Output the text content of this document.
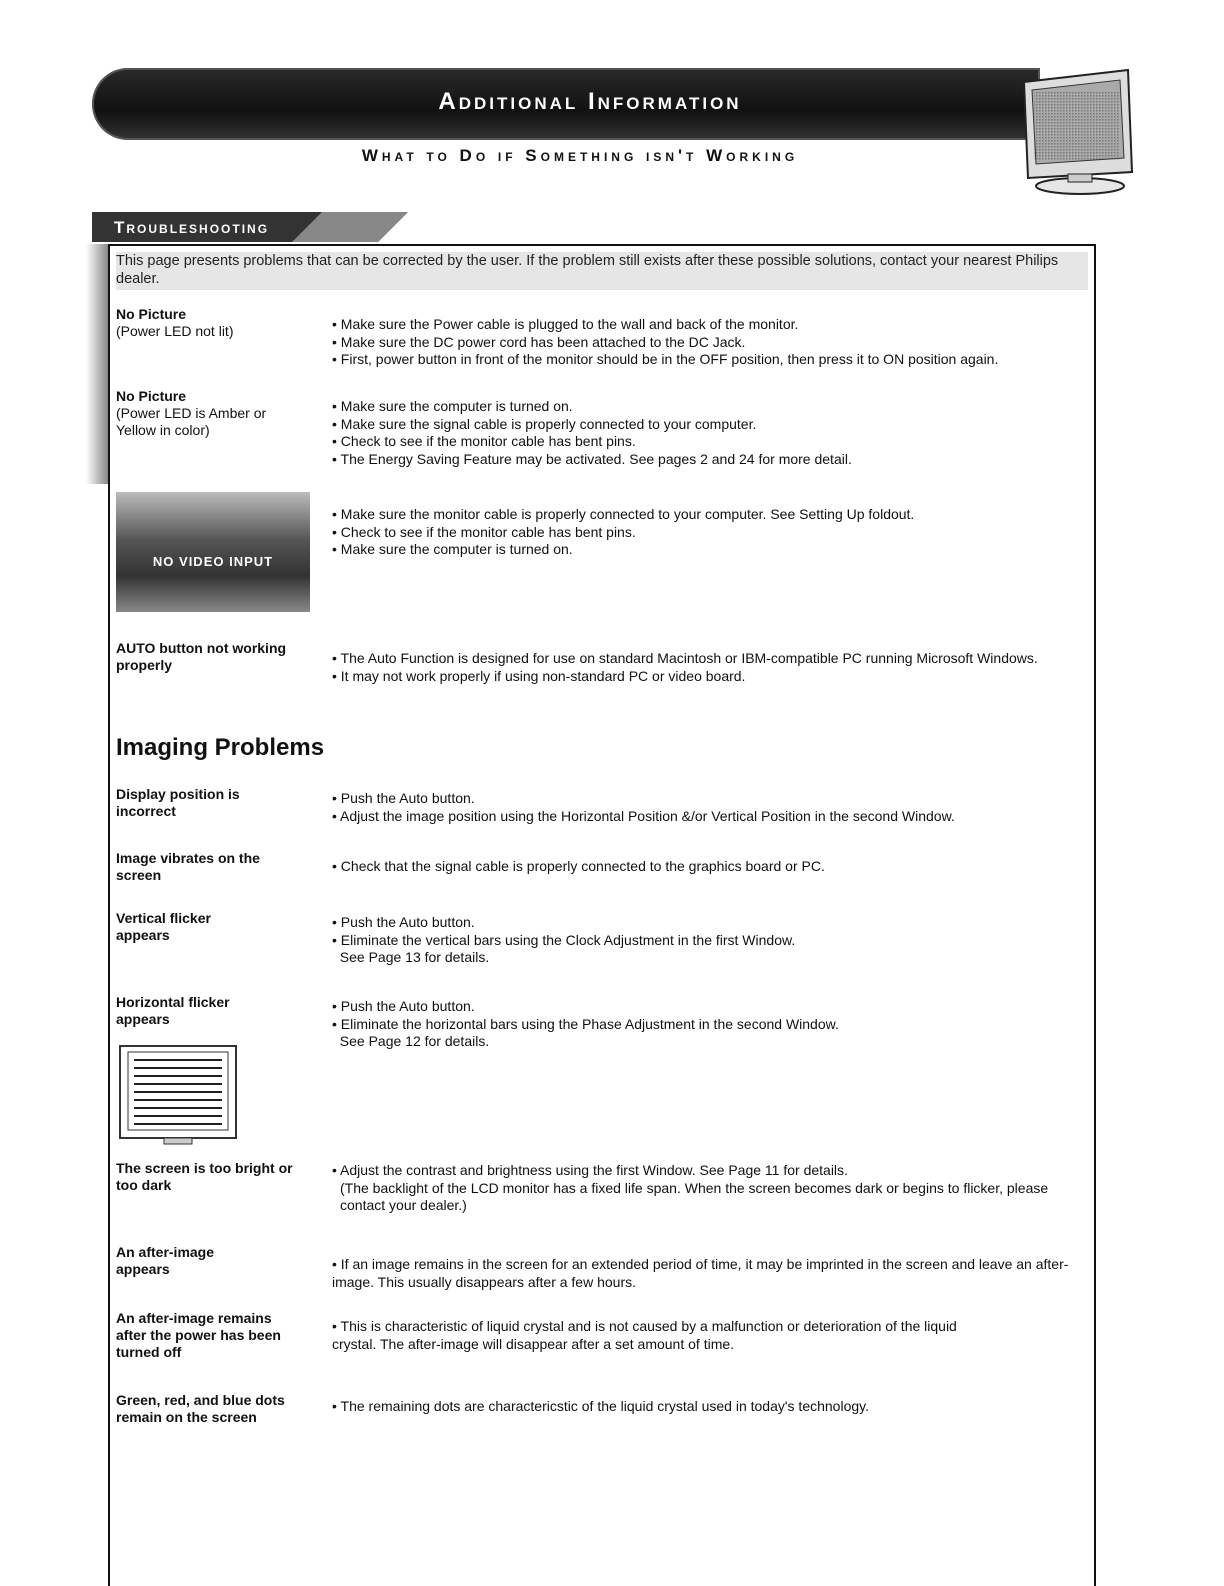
Additional Information
What to Do if Something isn't Working
Troubleshooting
This page presents problems that can be corrected by the user. If the problem still exists after these possible solutions, contact your nearest Philips dealer.
No Picture
(Power LED not lit)	• Make sure the Power cable is plugged to the wall and back of the monitor.
• Make sure the DC power cord has been attached to the DC Jack.
• First, power button in front of the monitor should be in the OFF position, then press it to ON position again.
No Picture
(Power LED is Amber or Yellow in color)
• Make sure the computer is turned on.
• Make sure the signal cable is properly connected to your computer.
• Check to see if the monitor cable has bent pins.
• The Energy Saving Feature may be activated. See pages 2 and 24 for more detail.
• Make sure the monitor cable is properly connected to your computer. See Setting Up foldout.
• Check to see if the monitor cable has bent pins.
• Make sure the computer is turned on.
NO VIDEO INPUT
AUTO button not working properly	• The Auto Function is designed for use on standard Macintosh or IBM-compatible PC running Microsoft Windows.
• It may not work properly if using non-standard PC or video board.
Imaging Problems
Display position is incorrect
• Push the Auto button.
• Adjust the image position using the Horizontal Position &/or Vertical Position in the second Window.
Image vibrates on the screen
• Check that the signal cable is properly connected to the graphics board or PC.
Vertical flicker appears
• Push the Auto button.
• Eliminate the vertical bars using the Clock Adjustment in the first Window.
See Page 13 for details.
Horizontal flicker appears
• Push the Auto button.
• Eliminate the horizontal bars using the Phase Adjustment in the second Window.
See Page 12 for details.
The screen is too bright or too dark
• Adjust the contrast and brightness using the first Window. See Page 11 for details.
(The backlight of the LCD monitor has a fixed life span. When the screen becomes dark or begins to flicker, please contact your dealer.)
An after-image appears	• If an image remains in the screen for an extended period of time, it may be imprinted in the screen and leave an after-image. This usually disappears after a few hours.
An after-image remains after the power has been turned off
• This is characteristic of liquid crystal and is not caused by a malfunction or deterioration of the liquid crystal. The after-image will disappear after a set amount of time.
Green, red, and blue dots remain on the screen
• The remaining dots are charactericstic of the liquid crystal used in today's technology.
